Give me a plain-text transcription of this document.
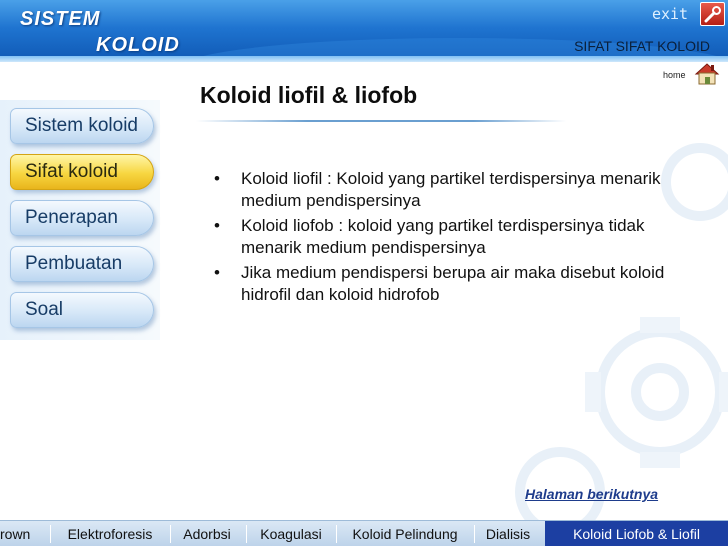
SISTEM
KOLOID
exit
SIFAT SIFAT KOLOID
home
Sistem koloid
Sifat koloid
Penerapan
Pembuatan
Soal
Koloid liofil & liofob
• Koloid liofil : Koloid yang partikel terdispersinya menarik medium pendispersinya
• Koloid liofob : koloid yang partikel terdispersinya tidak menarik medium pendispersinya
• Jika medium pendispersi berupa air maka disebut koloid hidrofil dan koloid hidrofob
Halaman berikutnya
rown	Elektroforesis	Adorbsi	Koagulasi	Koloid Pelindung	Dialisis	Koloid Liofob & Liofil
